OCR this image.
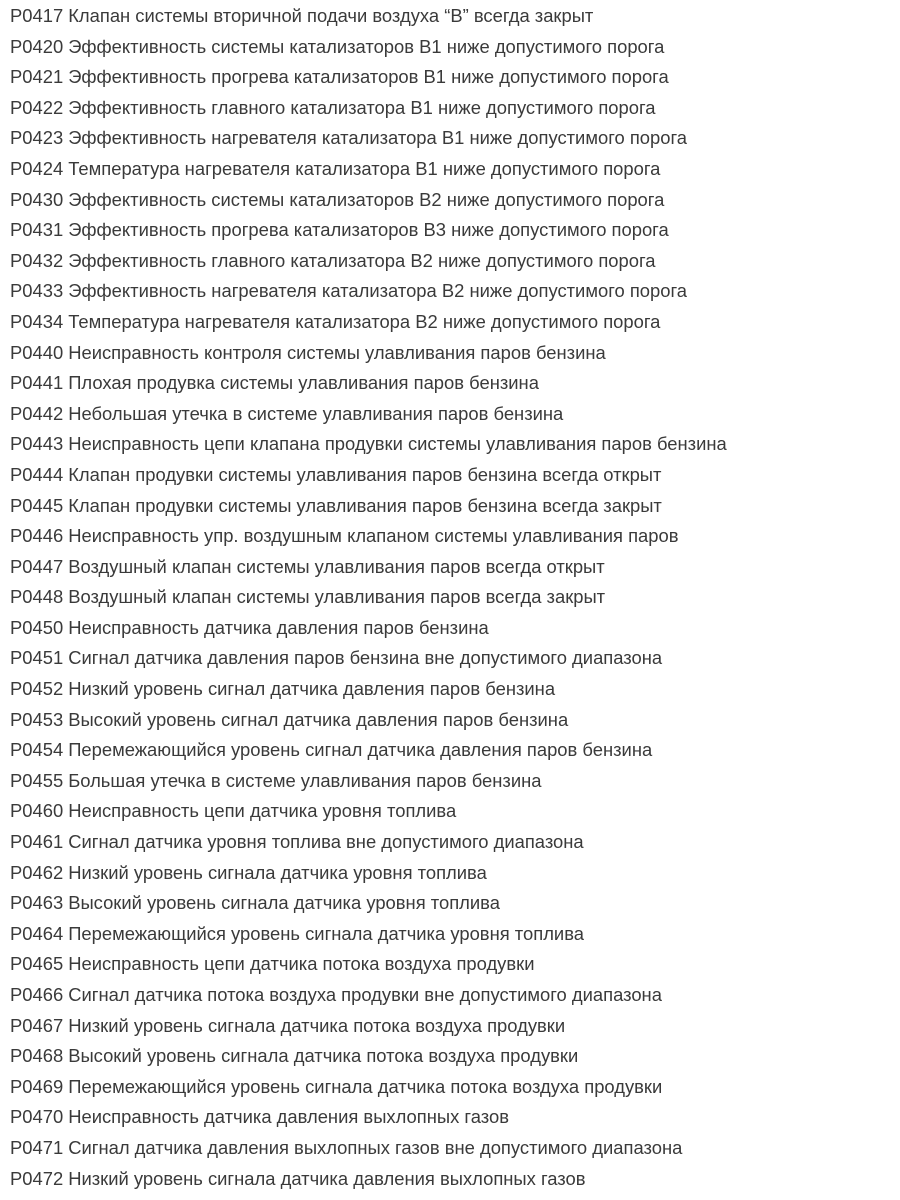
P0417 Клапан системы вторичной подачи воздуха “B” всегда закрыт
P0420 Эффективность системы катализаторов B1 ниже допустимого порога
P0421 Эффективность прогрева катализаторов B1 ниже допустимого порога
P0422 Эффективность главного катализатора B1 ниже допустимого порога
P0423 Эффективность нагревателя катализатора B1 ниже допустимого порога
P0424 Температура нагревателя катализатора B1 ниже допустимого порога
P0430 Эффективность системы катализаторов B2 ниже допустимого порога
P0431 Эффективность прогрева катализаторов B3 ниже допустимого порога
P0432 Эффективность главного катализатора B2 ниже допустимого порога
P0433 Эффективность нагревателя катализатора B2 ниже допустимого порога
P0434 Температура нагревателя катализатора B2 ниже допустимого порога
P0440 Неисправность контроля системы улавливания паров бензина
P0441 Плохая продувка системы улавливания паров бензина
P0442 Небольшая утечка в системе улавливания паров бензина
P0443 Неисправность цепи клапана продувки системы улавливания паров бензина
P0444 Клапан продувки системы улавливания паров бензина всегда открыт
P0445 Клапан продувки системы улавливания паров бензина всегда закрыт
P0446 Неисправность упр. воздушным клапаном системы улавливания паров
P0447 Воздушный клапан системы улавливания паров всегда открыт
P0448 Воздушный клапан системы улавливания паров всегда закрыт
P0450 Неисправность датчика давления паров бензина
P0451 Сигнал датчика давления паров бензина вне допустимого диапазона
P0452 Низкий уровень сигнал датчика давления паров бензина
P0453 Высокий уровень сигнал датчика давления паров бензина
P0454 Перемежающийся уровень сигнал датчика давления паров бензина
P0455 Большая утечка в системе улавливания паров бензина
P0460 Неисправность цепи датчика уровня топлива
P0461 Сигнал датчика уровня топлива вне допустимого диапазона
P0462 Низкий уровень сигнала датчика уровня топлива
P0463 Высокий уровень сигнала датчика уровня топлива
P0464 Перемежающийся уровень сигнала датчика уровня топлива
P0465 Неисправность цепи датчика потока воздуха продувки
P0466 Сигнал датчика потока воздуха продувки вне допустимого диапазона
P0467 Низкий уровень сигнала датчика потока воздуха продувки
P0468 Высокий уровень сигнала датчика потока воздуха продувки
P0469 Перемежающийся уровень сигнала датчика потока воздуха продувки
P0470 Неисправность датчика давления выхлопных газов
P0471 Сигнал датчика давления выхлопных газов вне допустимого диапазона
P0472 Низкий уровень сигнала датчика давления выхлопных газов
